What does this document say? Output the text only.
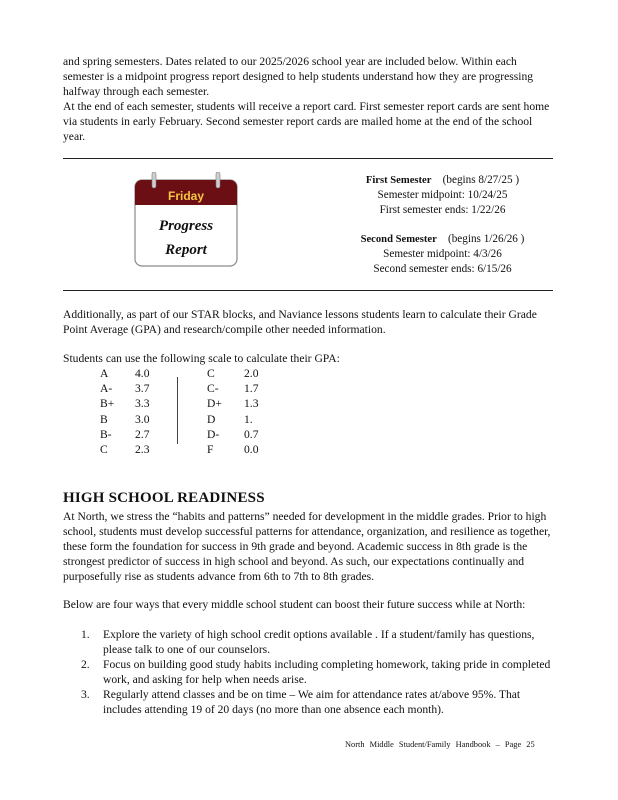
and spring semesters. Dates related to our 2025/2026 school year are included below. Within each semester is a midpoint progress report designed to help students understand how they are progressing halfway through each semester.

At the end of each semester, students will receive a report card. First semester report cards are sent home via students in early February. Second semester report cards are mailed home at the end of the school year.

Friday
Progress
Report
First Semester (begins 8/27/25 )
Semester midpoint: 10/24/25
First semester ends: 1/22/26
Second Semester (begins 1/26/26 )
Semester midpoint: 4/3/26
Second semester ends: 6/15/26

Additionally, as part of our STAR blocks, and Naviance lessons students learn to calculate their Grade Point Average (GPA) and research/compile other needed information.

Students can use the following scale to calculate their GPA:

A 4.0
A- 3.7
B+ 3.3
B 3.0
B- 2.7
C 2.3
C	2.0
C- 1.7
D+ 1.3
D 1.
D- 0.7
F	0.0
HIGH SCHOOL READINESS

At North, we stress the “habits and patterns” needed for development in the middle grades. Prior to high school, students must develop successful patterns for attendance, organization, and resilience as together, these form the foundation for success in 9th grade and beyond. Academic success in 8th grade is the strongest predictor of success in high school and beyond. As such, our expectations continually and purposefully rise as students advance from 6th to 7th to 8th grades.

Below are four ways that every middle school student can boost their future success while at North:

1. Explore the variety of high school credit options available . If a student/family has questions, please talk to one of our counselors.
2. Focus on building good study habits including completing homework, taking pride in completed work, and asking for help when needs arise.
3. Regularly attend classes and be on time – We aim for attendance rates at/above 95%. That includes attending 19 of 20 days (no more than one absence each month).
North Middle Student/Family Handbook – Page 25
